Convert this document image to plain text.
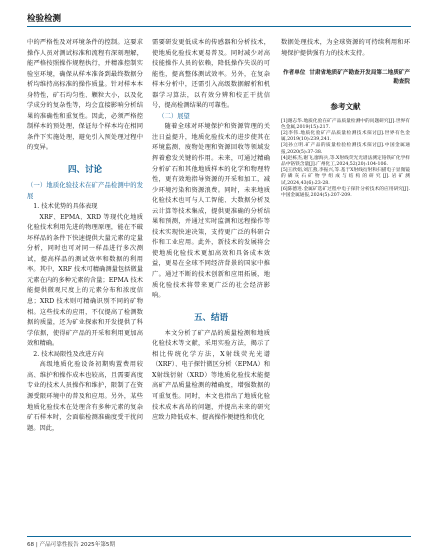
检验检测

中的严格性及对环境条件的控制。这要求操作人员对测试标准和流程有深刻理解，能严格按照操作规程执行，并精准控制实验室环境，确保从样本准备到最终数据分析均维持高标准的操作质量。针对样本本身特性，矿石均匀性、颗粒大小，以及化学成分的复杂性等，均会直接影响分析结果的准确性和重复性。因此，必须严格控制样本的预处理，保证每个样本均在相同条件下实施处理，避免引入预处理过程中的变异。

四、讨论
（一）地质化验技术在矿产品检测中的发展
1. 技术优势的具体表现

XRF、EPMA、XRD 等现代化地质化验技术利用先进的物理原理，能在不破坏样品的条件下快速提供大量元素的定量分析，同时也可对同一样品进行多次测试，提高样品的测试效率和数据的利用率。其中，XRF 技术可精确测量包括微量元素在内的多种元素的含量；EPMA 技术能提供微观尺度上的元素分布和浓度信息；XRD 技术则可精确识别不同的矿物相。这些技术的应用，不仅提高了检测数据的质量，还为矿业探索和开发提供了科学依据，使得矿产品的开采和利用更加高效和精确。

2. 技术局限性及改进方向

高级地质化验设备初期购置费用较高、维护和操作成本也较高，且需要高度专业的技术人员操作和维护，限制了在资源受限环境中的普及和应用。另外，某些地质化验技术在处理含有多种元素的复杂矿石样本时，会面临检测准确度受干扰问题。因此，

需要研发更低成本的传感器和分析技术，使地质化验技术更易普及。同时减少对高技能操作人员的依赖，降低操作失误的可能性，提高整体测试效率。另外，在复杂样本分析中，还需引入高级数据解析和机器学习算法，以有效分辨和校正干扰信号，提高检测结果的可靠性。

（二）展望

随着全球对环境保护和资源管理的关注日益提升，地质化验技术的进步使其在环境监测、废物处理和资源回收等领域发挥着愈发关键的作用。未来，可通过精确分析矿石和其他地质样本的化学和物理特性，更有效地指导资源的开采和加工，减少环境污染和资源浪费。同时，未来地质化验技术也可与人工智能、大数据分析及云计算等技术集成，提供更准确的分析结果和预测，并通过实时监测和远程操作等技术实现快速决策，支持更广泛的科研合作和工业应用。此外，新技术的发展将会使地质化验技术更加高效和具备成本效益，更易在全球不同经济背景的国家中推广。通过不断的技术创新和应用拓展，地质化验技术将带来更广泛的社会经济影响。

五、结语

本文分析了矿产品的质量检测和地质化验技术等文献，采用实验方法，揭示了相比传统化学方法，X射线荧光光谱（XRF）、电子探针微区分析（EPMA）和X射线衍射（XRD）等地质化验技术能提高矿产品质量检测的精确度，增强数据的可重复性。同时，本文也指出了地质化验技术成本高昂的问题，并提出未来的研究应致力降低成本、提高操作便捷性和优化

数据处理技术，为全球资源的可持续利用和环境保护提供强有力的技术支持。

作者单位 甘肃省地质矿产勘查开发局第二地质矿产勘查院
参考文献

[1]谢志华.地质化验在矿产品质量检测中的问题研究[J].世界有色金属,2019(15):217.

[2]李伟.地质化验矿产品质量检测技术探讨[J].世界有色金属,2019(10):239,241.

[3]孙立明.矿产品的质量检验检测技术探讨[J].中国金属通报,2020(5):37-38.

[4]赵栋杰,谢飞,廖海兵,等.X射线荧光光谱法测定铬铁矿化学样品中铬铁含量[J].广州化工,2024,52(20):104-106.

[5]王欣娟,刘江燕,李振兴,等.基于X射线衍射和扫描电子显微镜的磷灰石矿物学组成与结构的研究[J].岩矿测试,2024,43(6):23-28.

[6]陈德进.金属矿选矿过程中电子探针分析技术的应用研究[J].中国金属通报,2024(5):207-209.

68 | 产品可靠性报告 2025年第5期
